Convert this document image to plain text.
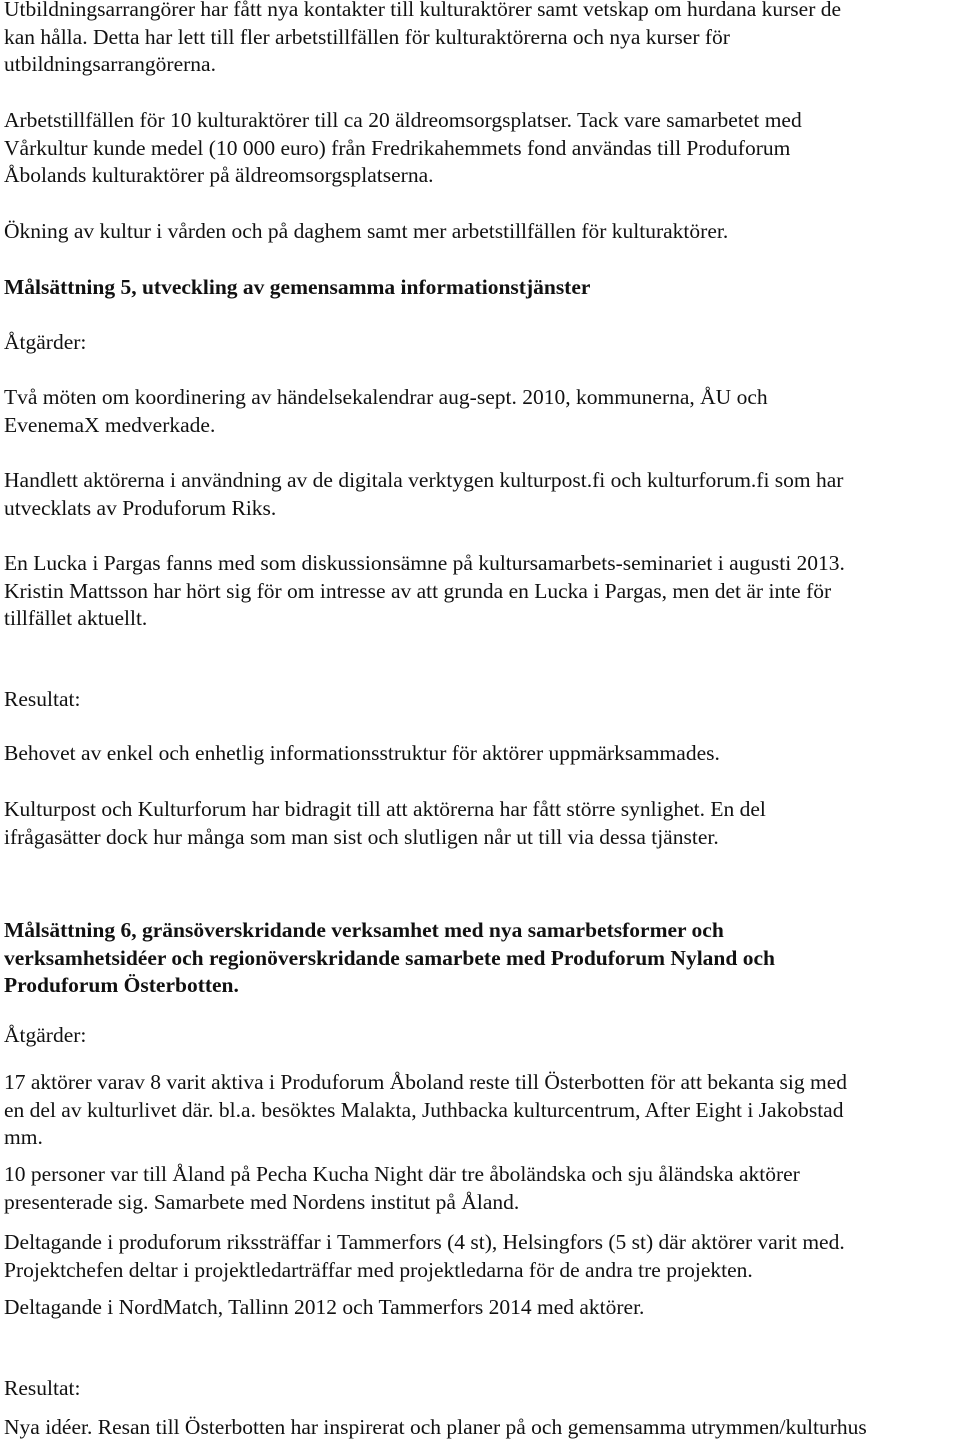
Utbildningsarrangörer har fått nya kontakter till kulturaktörer samt vetskap om hurdana kurser de
kan hålla. Detta har lett till fler arbetstillfällen för kulturaktörerna och nya kurser för
utbildningsarrangörerna.
Arbetstillfällen för 10 kulturaktörer till ca 20 äldreomsorgsplatser. Tack vare samarbetet med
Vårkultur kunde medel (10 000 euro) från Fredrikahemmets fond användas till Produforum
Åbolands kulturaktörer på äldreomsorgsplatserna.
Ökning av kultur i vården och på daghem samt mer arbetstillfällen för kulturaktörer.
Målsättning 5, utveckling av gemensamma informationstjänster
Åtgärder:
Två möten om koordinering av händelsekalendrar aug-sept. 2010, kommunerna, ÅU och
EvenemaX medverkade.
Handlett aktörerna i användning av de digitala verktygen kulturpost.fi och kulturforum.fi som har
utvecklats av Produforum Riks.
En Lucka i Pargas fanns med som diskussionsämne på kultursamarbets-seminariet i augusti 2013.
Kristin Mattsson har hört sig för om intresse av att grunda en Lucka i Pargas, men det är inte för
tillfället aktuellt.
Resultat:
Behovet av enkel och enhetlig informationsstruktur för aktörer uppmärksammades.
Kulturpost och Kulturforum har bidragit till att aktörerna har fått större synlighet. En del
ifrågasätter dock hur många som man sist och slutligen når ut till via dessa tjänster.
Målsättning 6, gränsöverskridande verksamhet med nya samarbetsformer och
verksamhetsidéer och regionöverskridande samarbete med Produforum Nyland och
Produforum Österbotten.
Åtgärder:
17 aktörer varav 8 varit aktiva i Produforum Åboland reste till Österbotten för att bekanta sig med
en del av kulturlivet där. bl.a. besöktes Malakta, Juthbacka kulturcentrum, After Eight i Jakobstad
mm.
10 personer var till Åland på Pecha Kucha Night där tre åboländska och sju åländska aktörer
presenterade sig. Samarbete med Nordens institut på Åland.
Deltagande i produforum rikssträffar i Tammerfors (4 st), Helsingfors (5 st) där aktörer varit med.
Projektchefen deltar i projektledarträffar med projektledarna för de andra tre projekten.
Deltagande i NordMatch, Tallinn 2012 och Tammerfors 2014 med aktörer.
Resultat:
Nya idéer. Resan till Österbotten har inspirerat och planer på och gemensamma utrymmen/kulturhus
